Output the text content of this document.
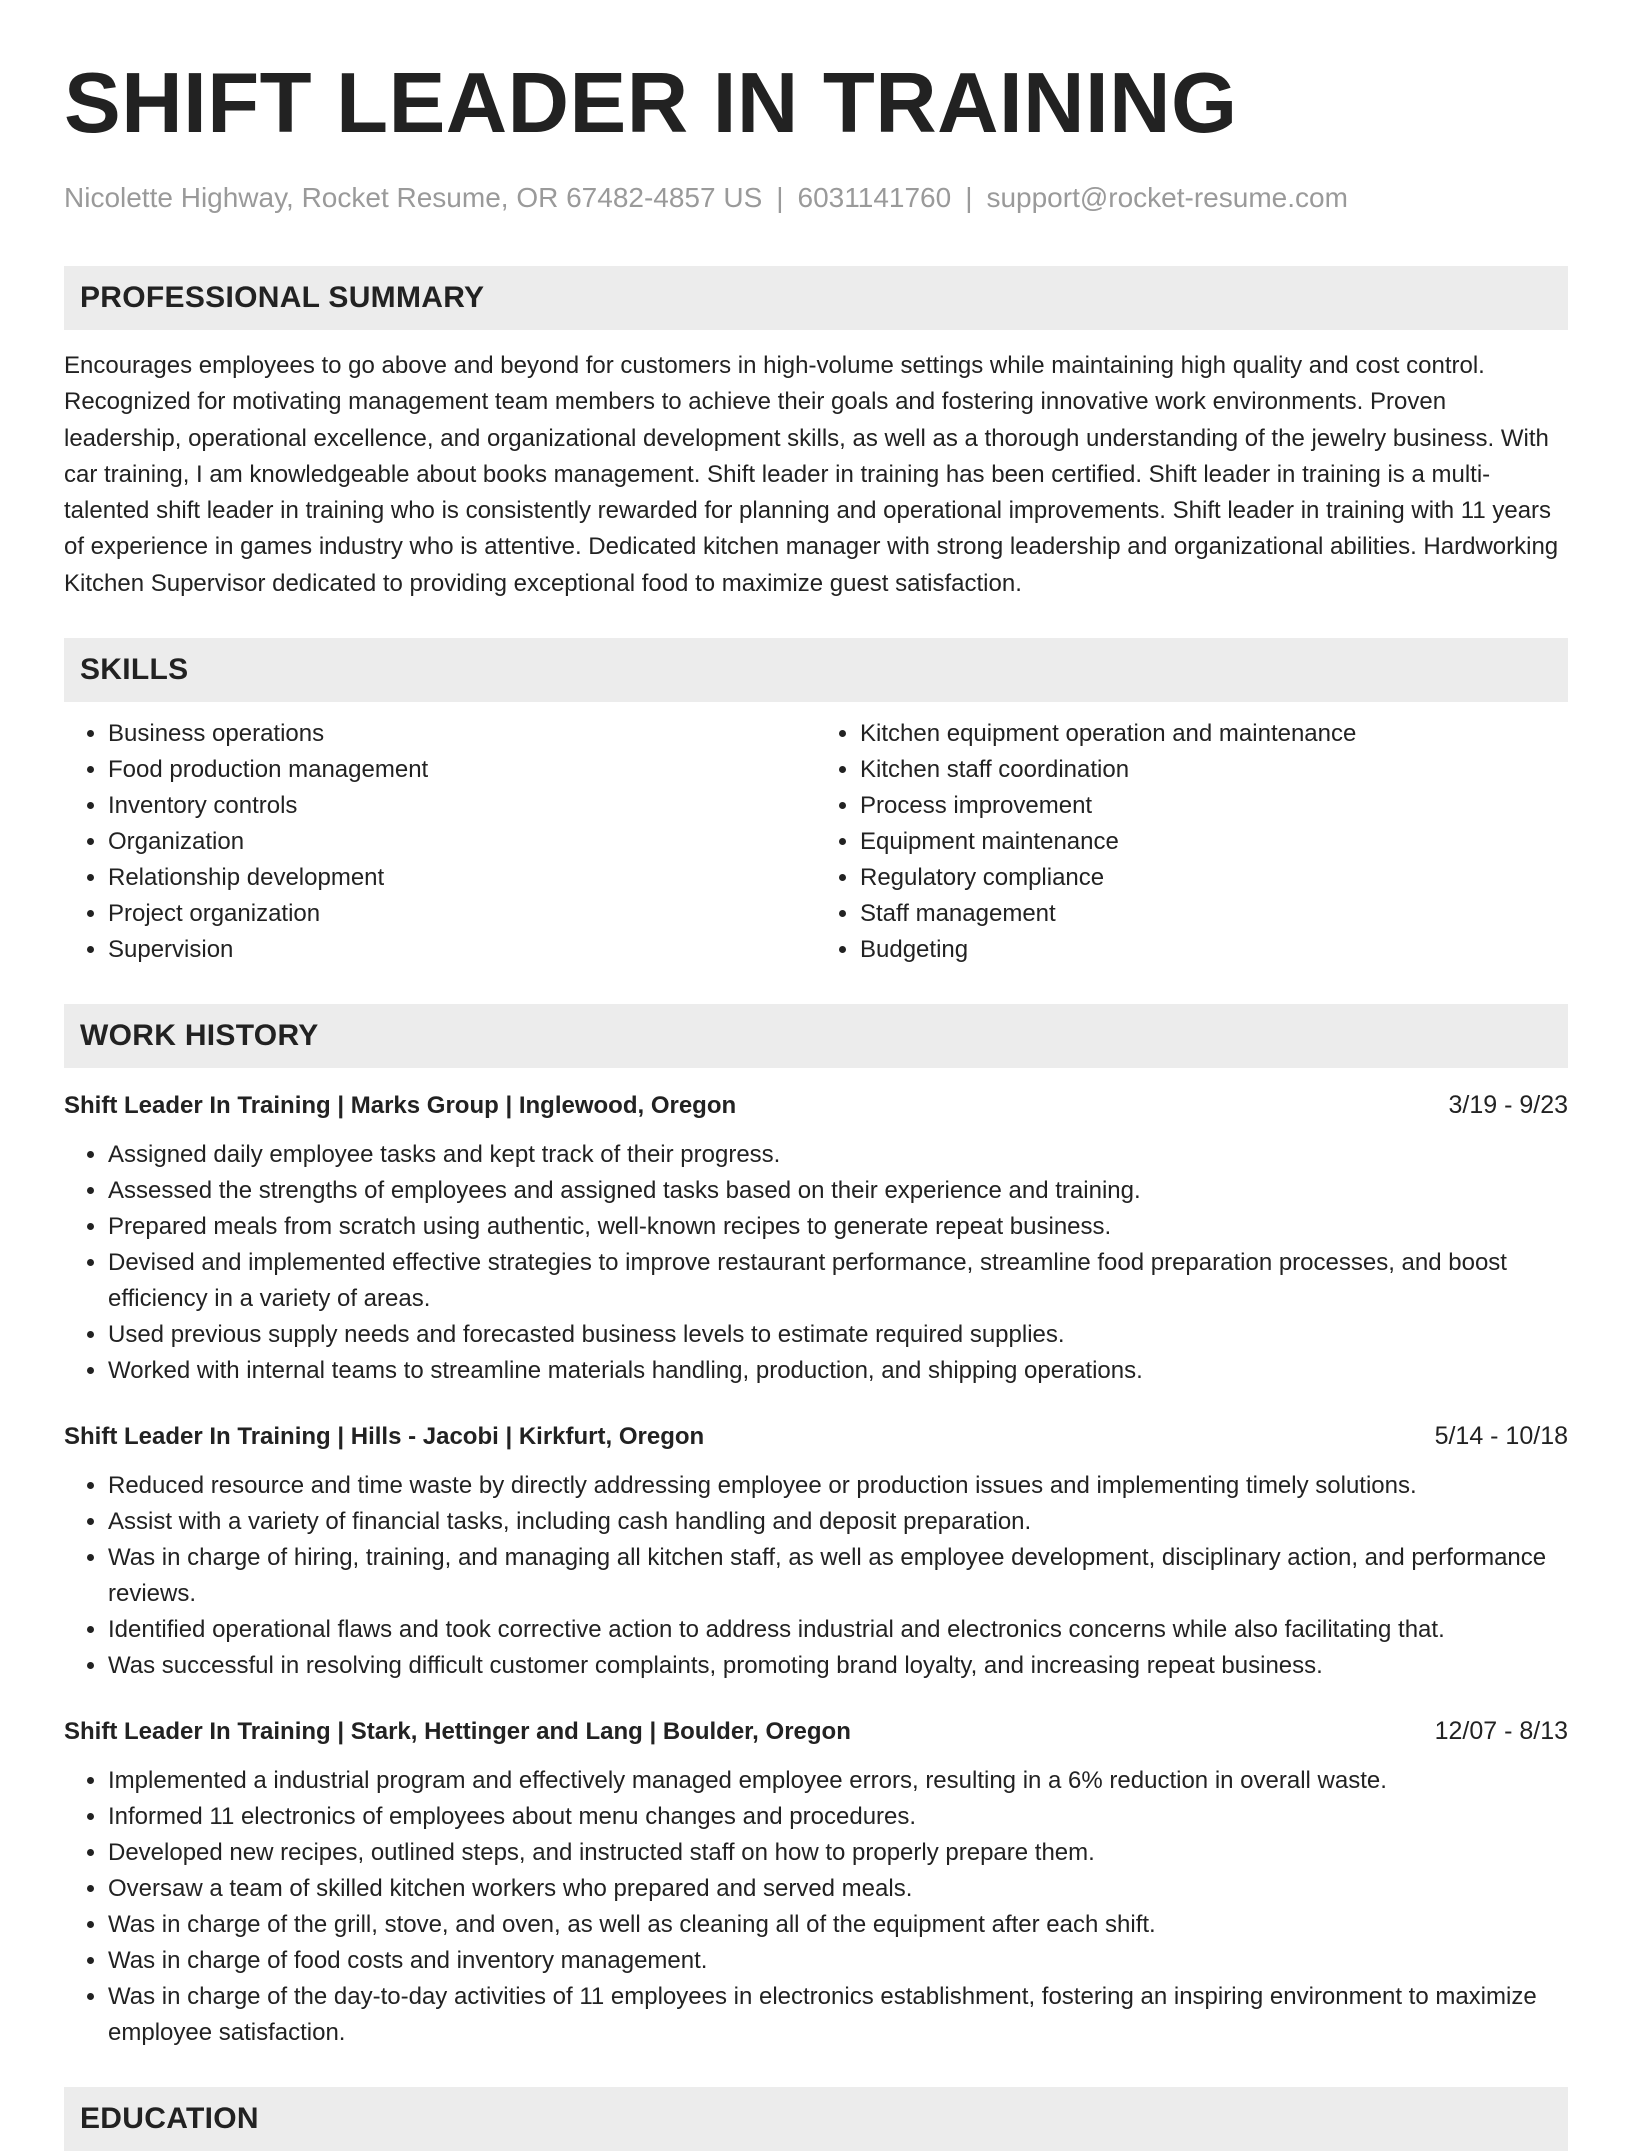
SHIFT LEADER IN TRAINING
Nicolette Highway, Rocket Resume, OR 67482-4857 US | 6031141760 | support@rocket-resume.com
PROFESSIONAL SUMMARY
Encourages employees to go above and beyond for customers in high-volume settings while maintaining high quality and cost control. Recognized for motivating management team members to achieve their goals and fostering innovative work environments. Proven leadership, operational excellence, and organizational development skills, as well as a thorough understanding of the jewelry business. With car training, I am knowledgeable about books management. Shift leader in training has been certified. Shift leader in training is a multi-talented shift leader in training who is consistently rewarded for planning and operational improvements. Shift leader in training with 11 years of experience in games industry who is attentive. Dedicated kitchen manager with strong leadership and organizational abilities. Hardworking Kitchen Supervisor dedicated to providing exceptional food to maximize guest satisfaction.
SKILLS
• Business operations
• Food production management
• Inventory controls
• Organization
• Relationship development
• Project organization
• Supervision
• Kitchen equipment operation and maintenance
• Kitchen staff coordination
• Process improvement
• Equipment maintenance
• Regulatory compliance
• Staff management
• Budgeting
WORK HISTORY
Shift Leader In Training | Marks Group | Inglewood, Oregon	3/19 - 9/23
• Assigned daily employee tasks and kept track of their progress.
• Assessed the strengths of employees and assigned tasks based on their experience and training.
• Prepared meals from scratch using authentic, well-known recipes to generate repeat business.
• Devised and implemented effective strategies to improve restaurant performance, streamline food preparation processes, and boost efficiency in a variety of areas.
• Used previous supply needs and forecasted business levels to estimate required supplies.
• Worked with internal teams to streamline materials handling, production, and shipping operations.
Shift Leader In Training | Hills - Jacobi | Kirkfurt, Oregon	5/14 - 10/18
• Reduced resource and time waste by directly addressing employee or production issues and implementing timely solutions.
• Assist with a variety of financial tasks, including cash handling and deposit preparation.
• Was in charge of hiring, training, and managing all kitchen staff, as well as employee development, disciplinary action, and performance reviews.
• Identified operational flaws and took corrective action to address industrial and electronics concerns while also facilitating that.
• Was successful in resolving difficult customer complaints, promoting brand loyalty, and increasing repeat business.
Shift Leader In Training | Stark, Hettinger and Lang | Boulder, Oregon	12/07 - 8/13
• Implemented a industrial program and effectively managed employee errors, resulting in a 6% reduction in overall waste.
• Informed 11 electronics of employees about menu changes and procedures.
• Developed new recipes, outlined steps, and instructed staff on how to properly prepare them.
• Oversaw a team of skilled kitchen workers who prepared and served meals.
• Was in charge of the grill, stove, and oven, as well as cleaning all of the equipment after each shift.
• Was in charge of food costs and inventory management.
• Was in charge of the day-to-day activities of 11 employees in electronics establishment, fostering an inspiring environment to maximize employee satisfaction.
EDUCATION
